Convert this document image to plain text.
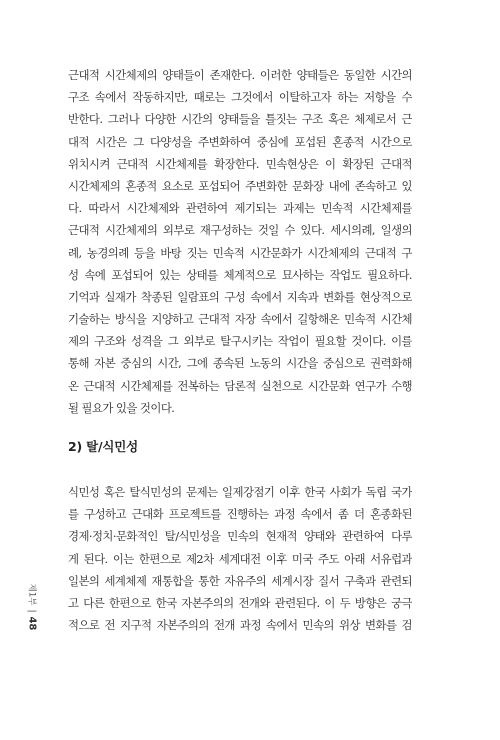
근대적 시간체제의 양태들이 존재한다. 이러한 양태들은 동일한 시간의
구조 속에서 작동하지만, 때로는 그것에서 이탈하고자 하는 저항을 수
반한다. 그러나 다양한 시간의 양태들을 틀짓는 구조 혹은 체제로서 근
대적 시간은 그 다양성을 주변화하여 중심에 포섭된 혼종적 시간으로
위치시켜 근대적 시간체제를 확장한다. 민속현상은 이 확장된 근대적
시간체제의 혼종적 요소로 포섭되어 주변화한 문화장 내에 존속하고 있
다. 따라서 시간체제와 관련하여 제기되는 과제는 민속적 시간체제를
근대적 시간체제의 외부로 재구성하는 것일 수 있다. 세시의례, 일생의
례, 농경의례 등을 바탕 짓는 민속적 시간문화가 시간체제의 근대적 구
성 속에 포섭되어 있는 상태를 체계적으로 묘사하는 작업도 필요하다.
기억과 실재가 착종된 일람표의 구성 속에서 지속과 변화를 현상적으로
기술하는 방식을 지양하고 근대적 자장 속에서 길항해온 민속적 시간체
제의 구조와 성격을 그 외부로 탈구시키는 작업이 필요할 것이다. 이를
통해 자본 중심의 시간, 그에 종속된 노동의 시간을 중심으로 권력화해
온 근대적 시간체제를 전복하는 담론적 실천으로 시간문화 연구가 수행
될 필요가 있을 것이다.
2) 탈/식민성
식민성 혹은 탈식민성의 문제는 일제강점기 이후 한국 사회가 독립 국가
를 구성하고 근대화 프로젝트를 진행하는 과정 속에서 좀 더 혼종화된
경제·정치·문화적인 탈/식민성을 민속의 현재적 양태와 관련하여 다루
게 된다. 이는 한편으로 제2차 세계대전 이후 미국 주도 아래 서유럽과
일본의 세계체제 재통합을 통한 자유주의 세계시장 질서 구축과 관련되
고 다른 한편으로 한국 자본주의의 전개와 관련된다. 이 두 방향은 궁극
적으로 전 지구적 자본주의의 전개 과정 속에서 민속의 위상 변화를 검
제1부
48
